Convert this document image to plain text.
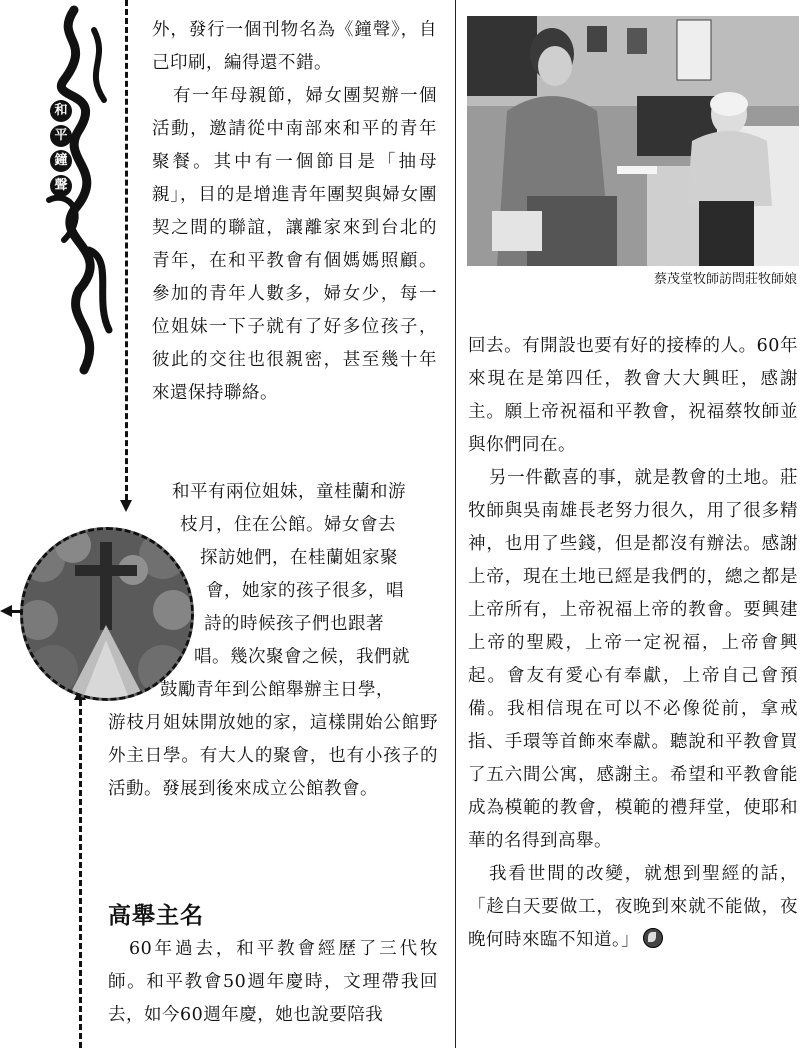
和
平
鐘
聲

外，發行一個刊物名為《鐘聲》，自己印刷，編得還不錯。

有一年母親節，婦女團契辦一個活動，邀請從中南部來和平的青年聚餐。其中有一個節目是「抽母親」，目的是增進青年團契與婦女團契之間的聯誼，讓離家來到台北的青年，在和平教會有個媽媽照顧。參加的青年人數多，婦女少，每一位姐妹一下子就有了好多位孩子，彼此的交往也很親密，甚至幾十年來還保持聯絡。

和平有兩位姐妹，童桂蘭和游

枝月，住在公館。婦女會去

探訪她們，在桂蘭姐家聚

會，她家的孩子很多，唱

詩的時候孩子們也跟著

唱。幾次聚會之候，我們就

鼓勵青年到公館舉辦主日學，

游枝月姐妹開放她的家，這樣開始公館野外主日學。有大人的聚會，也有小孩子的活動。發展到後來成立公館教會。

高舉主名

60年過去，和平教會經歷了三代牧師。和平教會50週年慶時，文理帶我回去，如今60週年慶，她也說要陪我

蔡茂堂牧師訪問莊牧師娘

回去。有開設也要有好的接棒的人。60年來現在是第四任，教會大大興旺，感謝主。願上帝祝福和平教會，祝福蔡牧師並與你們同在。

另一件歡喜的事，就是教會的土地。莊牧師與吳南雄長老努力很久，用了很多精神，也用了些錢，但是都沒有辦法。感謝上帝，現在土地已經是我們的，總之都是上帝所有，上帝祝福上帝的教會。要興建上帝的聖殿，上帝一定祝福，上帝會興起。會友有愛心有奉獻，上帝自己會預備。我相信現在可以不必像從前，拿戒指、手環等首飾來奉獻。聽說和平教會買了五六間公寓，感謝主。希望和平教會能成為模範的教會，模範的禮拜堂，使耶和華的名得到高舉。

我看世間的改變，就想到聖經的話，「趁白天要做工，夜晚到來就不能做，夜晚何時來臨不知道。」
